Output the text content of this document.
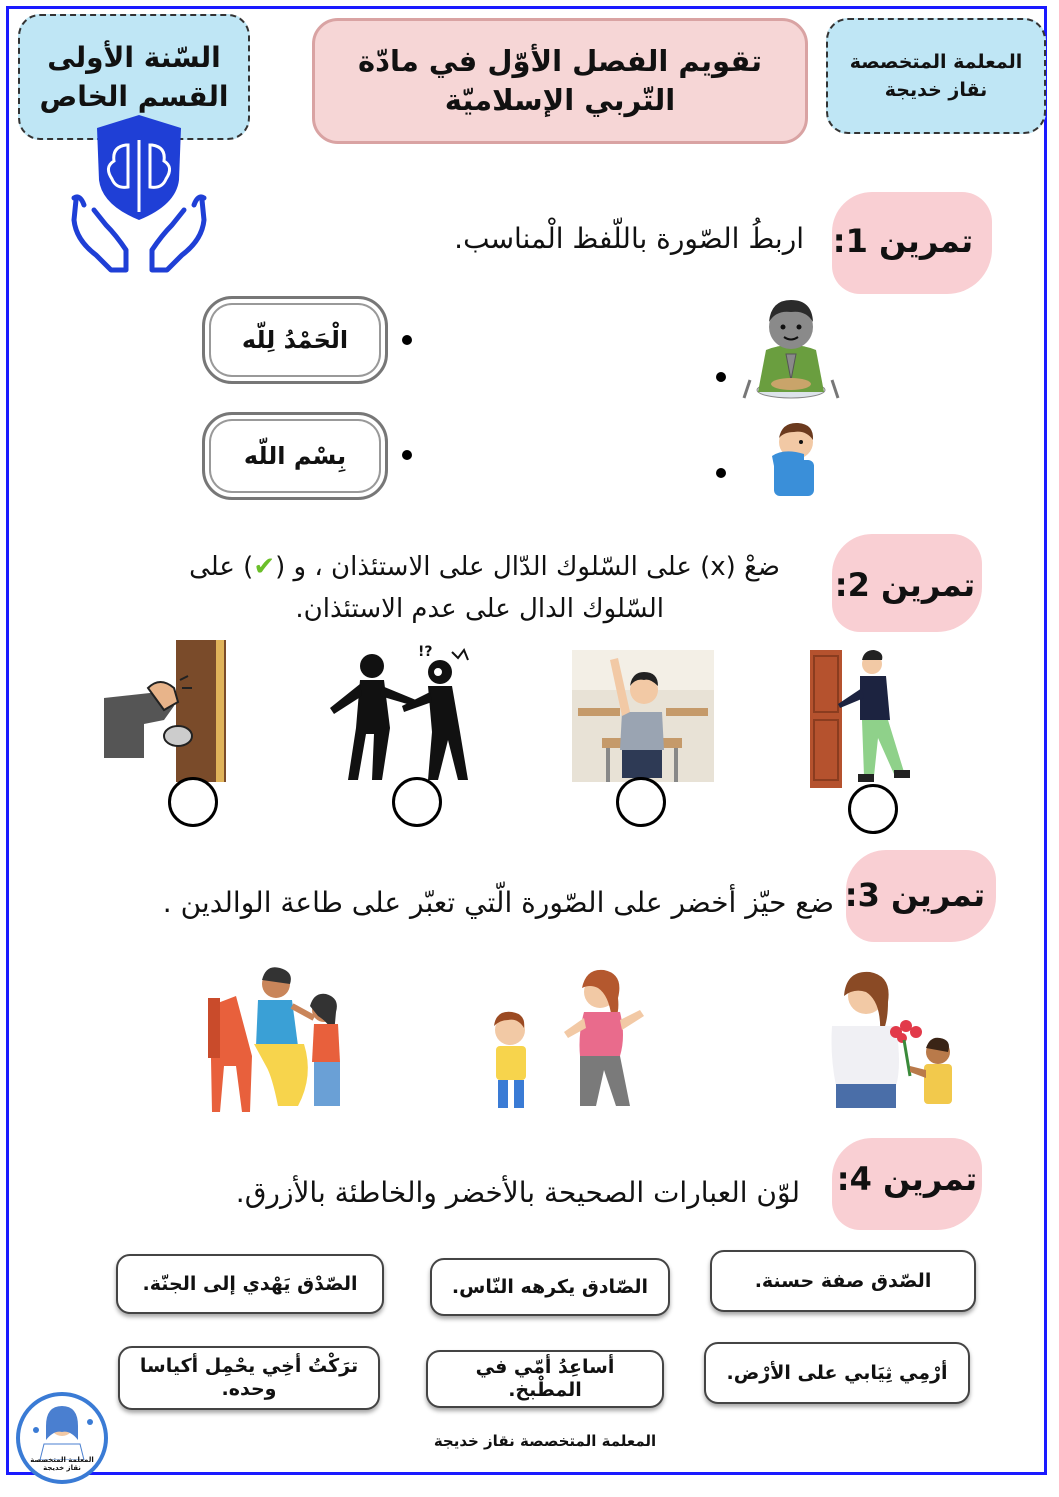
السّنة الأولى
القسم الخاص
تقويم الفصل الأوّل في مادّة
التّربي الإسلاميّة
المعلمة المتخصصة
نقاز خديجة
تمرين 1:
اربطُ الصّورة باللّفظ الْمناسب.
الْحَمْدُ لِلّه
بِسْم اللّه
تمرين 2:
ضعْ (x) على السّلوك الدّال على الاستئذان ، و (✔) على
السّلوك الدال على عدم الاستئذان.
!?
تمرين 3:
ضع حيّز أخضر على الصّورة الّتي تعبّر على طاعة الوالدين .
تمرين 4:
لوّن العبارات الصحيحة بالأخضر والخاطئة بالأزرق.
الصّدق صفة حسنة.
الصّادق يكرهه النّاس.
الصّدْق يَهْدي إلى الجنّة.
أرْمِي ثِيَابي على الأرْض.
أساعِدُ أمّي في المطْبخ.
ترَكْتُ أخِي يحْمِل أكياسا وحده.
المعلمة المتخصصة نقاز خديجة
المعلمة المتخصصة نقاز خديجة
